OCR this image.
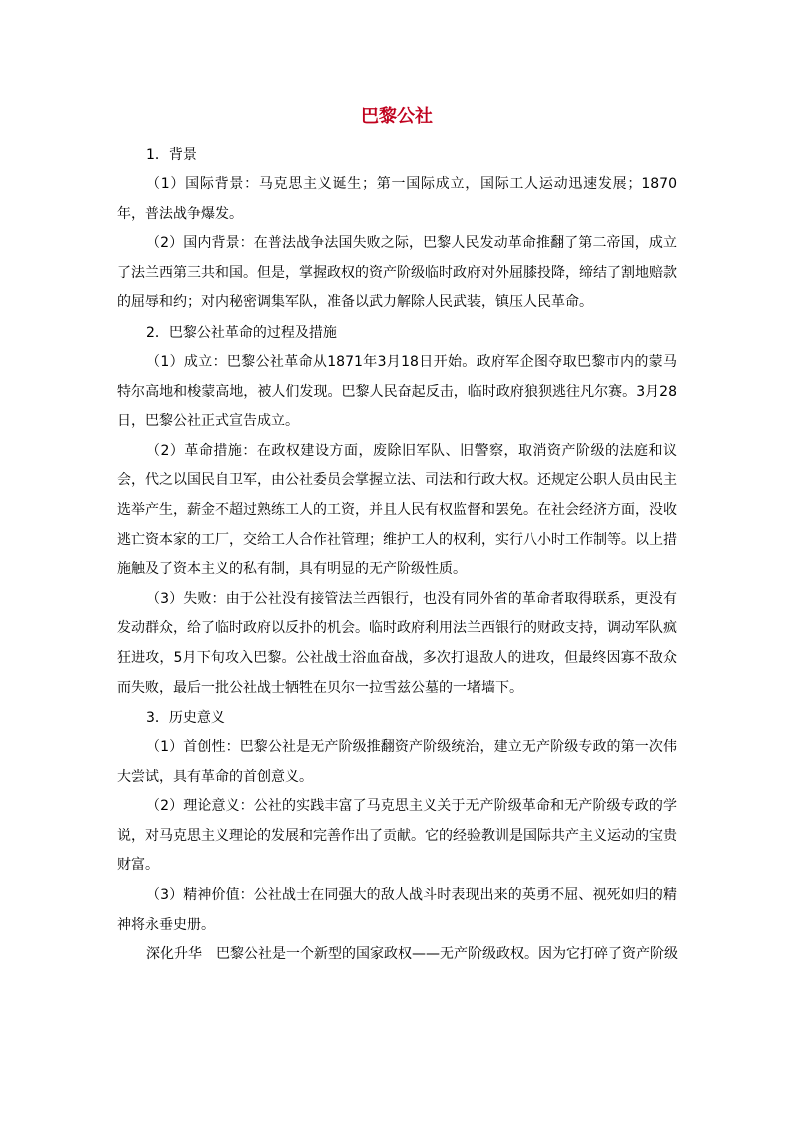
巴黎公社
1．背景

（1）国际背景：马克思主义诞生；第一国际成立，国际工人运动迅速发展；1870年，普法战争爆发。

（2）国内背景：在普法战争法国失败之际，巴黎人民发动革命推翻了第二帝国，成立了法兰西第三共和国。但是，掌握政权的资产阶级临时政府对外屈膝投降，缔结了割地赔款的屈辱和约；对内秘密调集军队，准备以武力解除人民武装，镇压人民革命。

2．巴黎公社革命的过程及措施

（1）成立：巴黎公社革命从1871年3月18日开始。政府军企图夺取巴黎市内的蒙马特尔高地和梭蒙高地，被人们发现。巴黎人民奋起反击，临时政府狼狈逃往凡尔赛。3月28日，巴黎公社正式宣告成立。

（2）革命措施：在政权建设方面，废除旧军队、旧警察，取消资产阶级的法庭和议会，代之以国民自卫军，由公社委员会掌握立法、司法和行政大权。还规定公职人员由民主选举产生，薪金不超过熟练工人的工资，并且人民有权监督和罢免。在社会经济方面，没收逃亡资本家的工厂，交给工人合作社管理；维护工人的权利，实行八小时工作制等。以上措施触及了资本主义的私有制，具有明显的无产阶级性质。

（3）失败：由于公社没有接管法兰西银行，也没有同外省的革命者取得联系，更没有发动群众，给了临时政府以反扑的机会。临时政府利用法兰西银行的财政支持，调动军队疯狂进攻，5月下旬攻入巴黎。公社战士浴血奋战，多次打退敌人的进攻，但最终因寡不敌众而失败，最后一批公社战士牺牲在贝尔一拉雪兹公墓的一堵墙下。

3．历史意义

（1）首创性：巴黎公社是无产阶级推翻资产阶级统治，建立无产阶级专政的第一次伟大尝试，具有革命的首创意义。

（2）理论意义：公社的实践丰富了马克思主义关于无产阶级革命和无产阶级专政的学说，对马克思主义理论的发展和完善作出了贡献。它的经验教训是国际共产主义运动的宝贵财富。

（3）精神价值：公社战士在同强大的敌人战斗时表现出来的英勇不屈、视死如归的精神将永垂史册。

深化升华 巴黎公社是一个新型的国家政权——无产阶级政权。因为它打碎了资产阶级
